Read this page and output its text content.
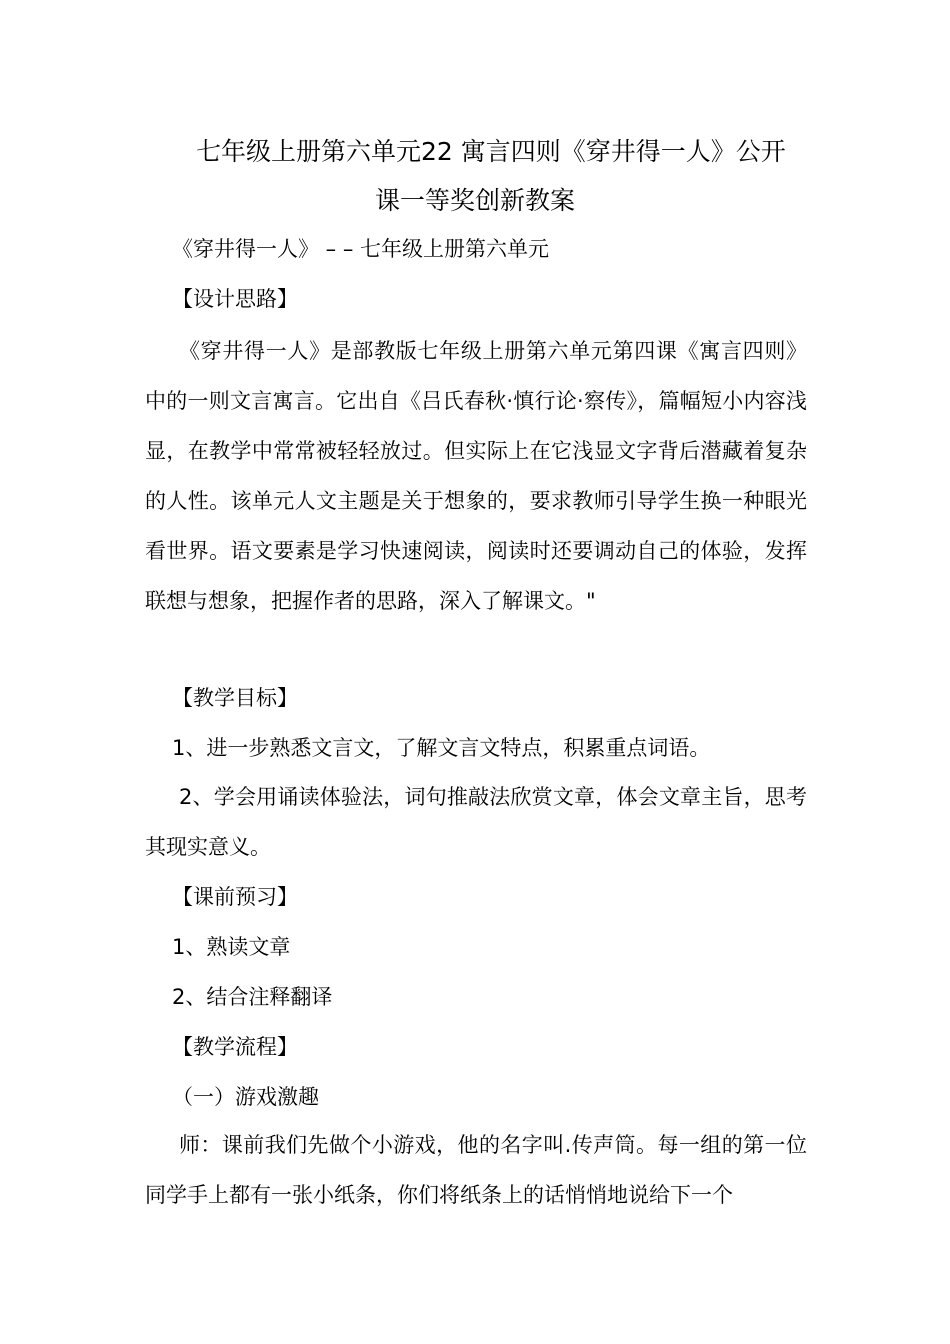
七年级上册第六单元22 寓言四则《穿井得一人》公开
课一等奖创新教案
《穿井得一人》 – – 七年级上册第六单元
【设计思路】
《穿井得一人》是部教版七年级上册第六单元第四课《寓言四则》中的一则文言寓言。它出自《吕氏春秋·慎行论·察传》，篇幅短小内容浅显，在教学中常常被轻轻放过。但实际上在它浅显文字背后潜藏着复杂的人性。该单元人文主题是关于想象的，要求教师引导学生换一种眼光看世界。语文要素是学习快速阅读，阅读时还要调动自己的体验，发挥联想与想象，把握作者的思路，深入了解课文。"
【教学目标】
1、进一步熟悉文言文，了解文言文特点，积累重点词语。
2、学会用诵读体验法，词句推敲法欣赏文章，体会文章主旨，思考其现实意义。
【课前预习】
1、熟读文章
2、结合注释翻译
【教学流程】
（一）游戏激趣
师：课前我们先做个小游戏，他的名字叫.传声筒。每一组的第一位同学手上都有一张小纸条，你们将纸条上的话悄悄地说给下一个
